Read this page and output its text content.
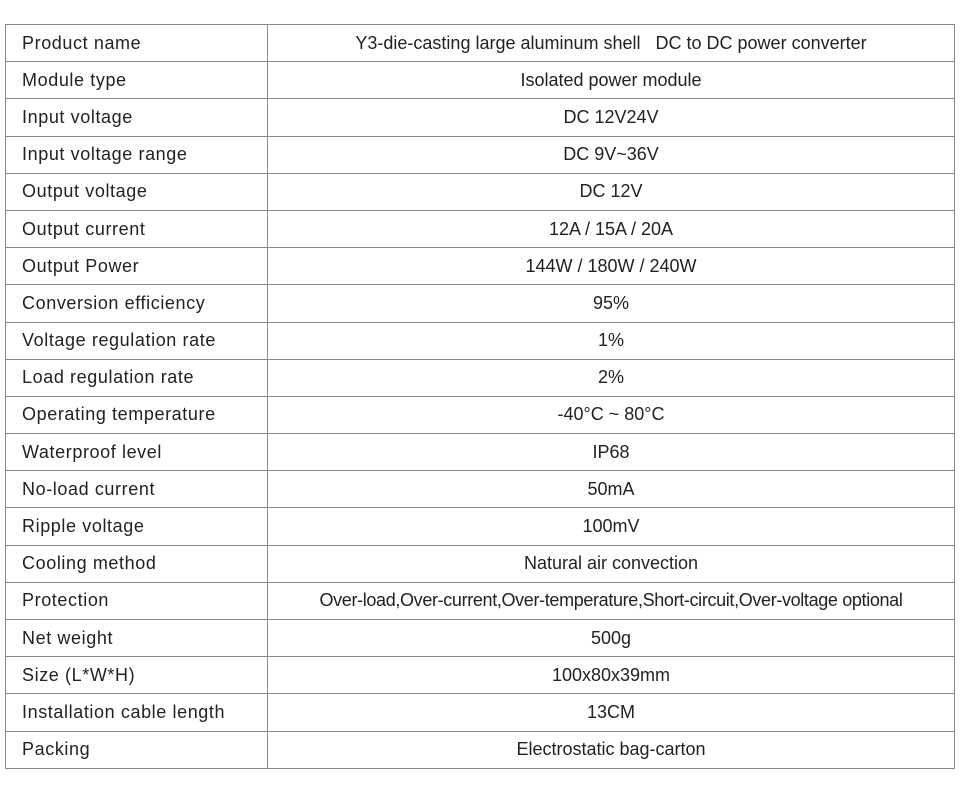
Product name	Y3-die-casting large aluminum shell   DC to DC power converter
Module type	Isolated power module
Input voltage	DC 12V24V
Input voltage range	DC 9V~36V
Output voltage	DC 12V
Output current	12A / 15A / 20A
Output Power	144W / 180W / 240W
Conversion efficiency	95%
Voltage regulation rate	1%
Load regulation rate	2%
Operating temperature	-40°C ~ 80°C
Waterproof level	IP68
No-load current	50mA
Ripple voltage	100mV
Cooling method	Natural air convection
Protection	Over-load,Over-current,Over-temperature,Short-circuit,Over-voltage optional
Net weight	500g
Size (L*W*H)	100x80x39mm
Installation cable length	13CM
Packing	Electrostatic bag-carton
